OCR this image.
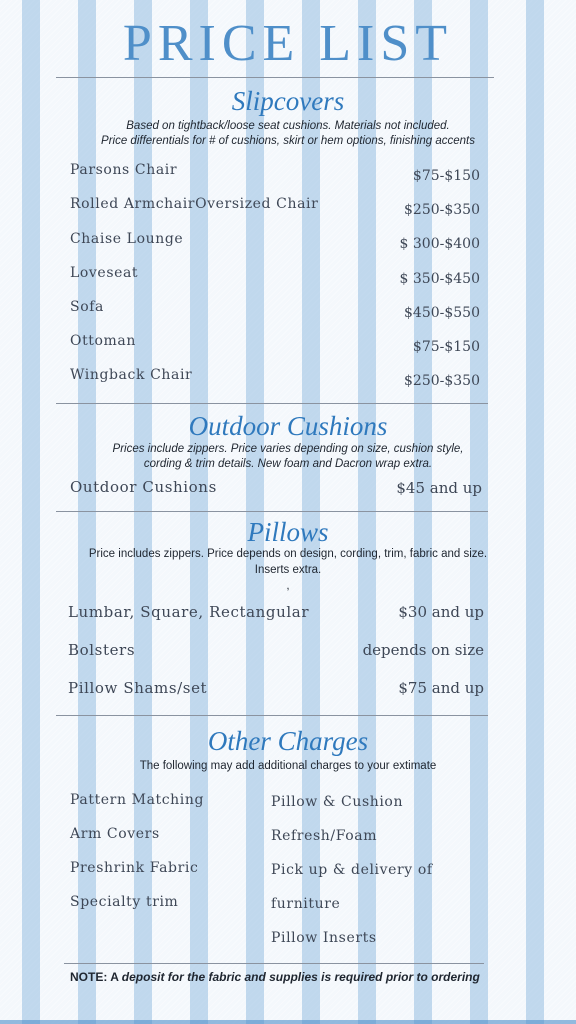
PRICE LIST
Slipcovers
Based on tightback/loose seat cushions. Materials not included.
Price differentials for # of cushions, skirt or hem options, finishing accents
Parsons Chair	$75-$150
Rolled ArmchairOversized Chair	$250-$350
Chaise Lounge	$ 300-$400
Loveseat	$ 350-$450
Sofa	$450-$550
Ottoman	$75-$150
Wingback Chair	$250-$350
Outdoor Cushions
Prices include zippers. Price varies depending on size, cushion style,
cording & trim details. New foam and Dacron wrap extra.
Outdoor Cushions	$45 and up
Pillows
Price includes zippers. Price depends on design, cording, trim, fabric and size.
Inserts extra.
,
Lumbar, Square, Rectangular	$30 and up
Bolsters	depends on size
Pillow Shams/set	$75 and up
Other Charges
The following may add additional charges to your extimate
Pattern Matching
Arm Covers
Preshrink Fabric
Specialty trim
Pillow & Cushion
Refresh/Foam
Pick up & delivery of
furniture
Pillow Inserts
NOTE: A deposit for the fabric and supplies is required prior to ordering
